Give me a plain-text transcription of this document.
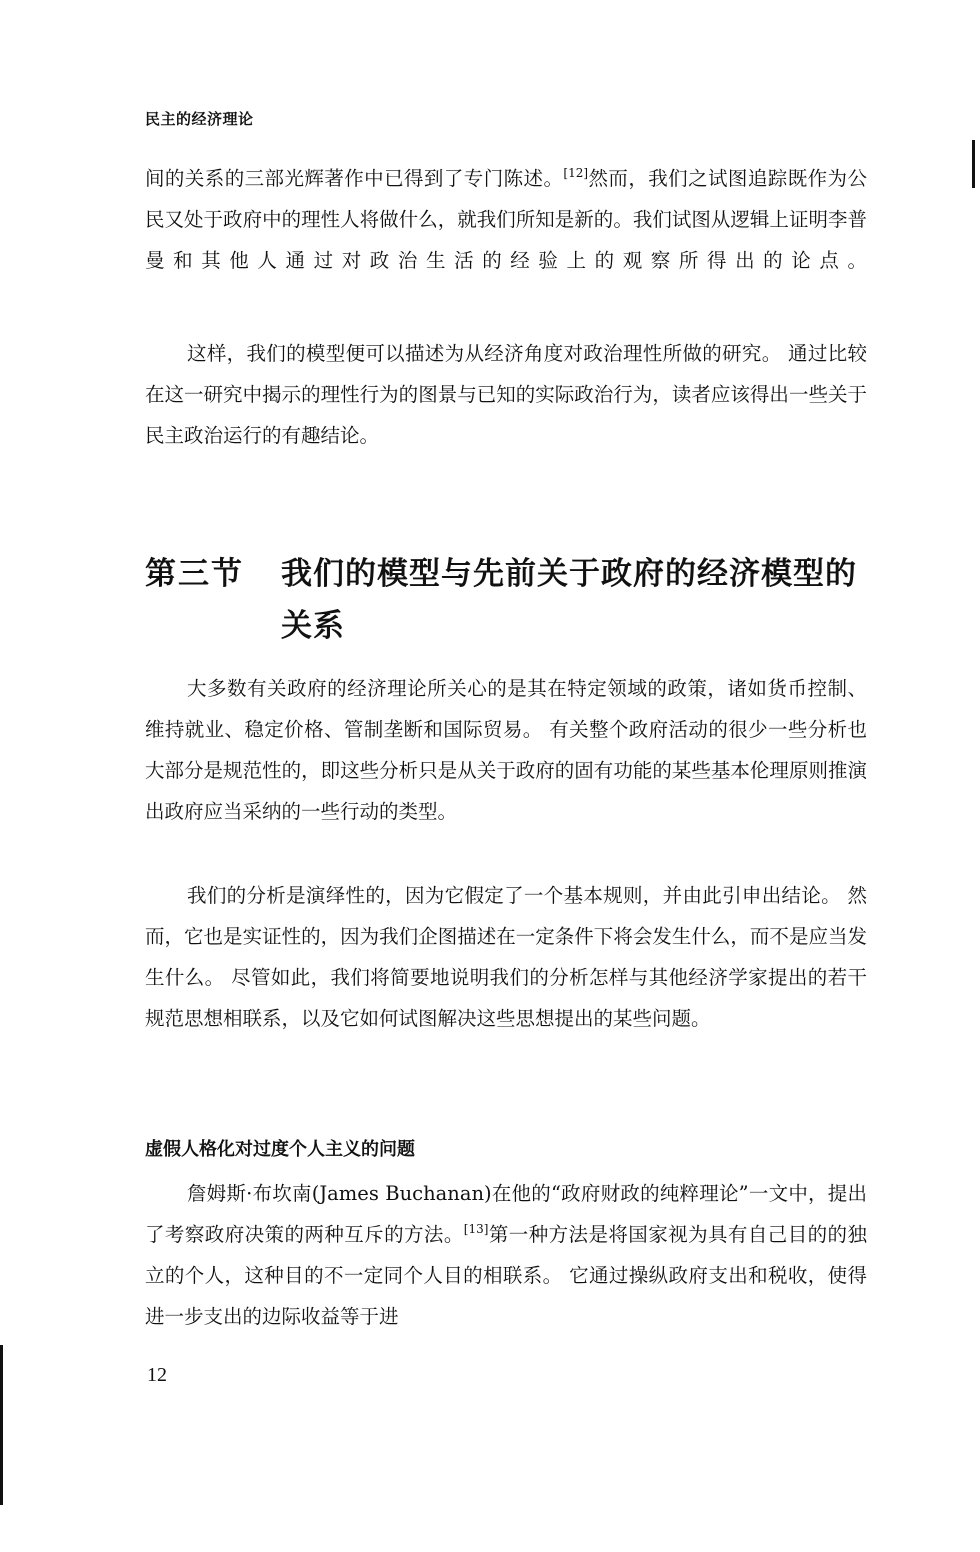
民主的经济理论

间的关系的三部光辉著作中已得到了专门陈述。[12]然而，我们之试图追踪既作为公民又处于政府中的理性人将做什么，就我们所知是新的。我们试图从逻辑上证明李普曼和其他人通过对政治生活的经验上的观察所得出的论点。

这样，我们的模型便可以描述为从经济角度对政治理性所做的研究。 通过比较在这一研究中揭示的理性行为的图景与已知的实际政治行为，读者应该得出一些关于民主政治运行的有趣结论。

第三节 我们的模型与先前关于政府的经济模型的关系

大多数有关政府的经济理论所关心的是其在特定领域的政策，诸如货币控制、维持就业、稳定价格、管制垄断和国际贸易。 有关整个政府活动的很少一些分析也大部分是规范性的，即这些分析只是从关于政府的固有功能的某些基本伦理原则推演出政府应当采纳的一些行动的类型。

我们的分析是演绎性的，因为它假定了一个基本规则，并由此引申出结论。 然而，它也是实证性的，因为我们企图描述在一定条件下将会发生什么，而不是应当发生什么。 尽管如此，我们将简要地说明我们的分析怎样与其他经济学家提出的若干规范思想相联系，以及它如何试图解决这些思想提出的某些问题。

虚假人格化对过度个人主义的问题

詹姆斯·布坎南(James Buchanan)在他的“政府财政的纯粹理论”一文中，提出了考察政府决策的两种互斥的方法。[13]第一种方法是将国家视为具有自己目的的独立的个人，这种目的不一定同个人目的相联系。 它通过操纵政府支出和税收，使得进一步支出的边际收益等于进

12
